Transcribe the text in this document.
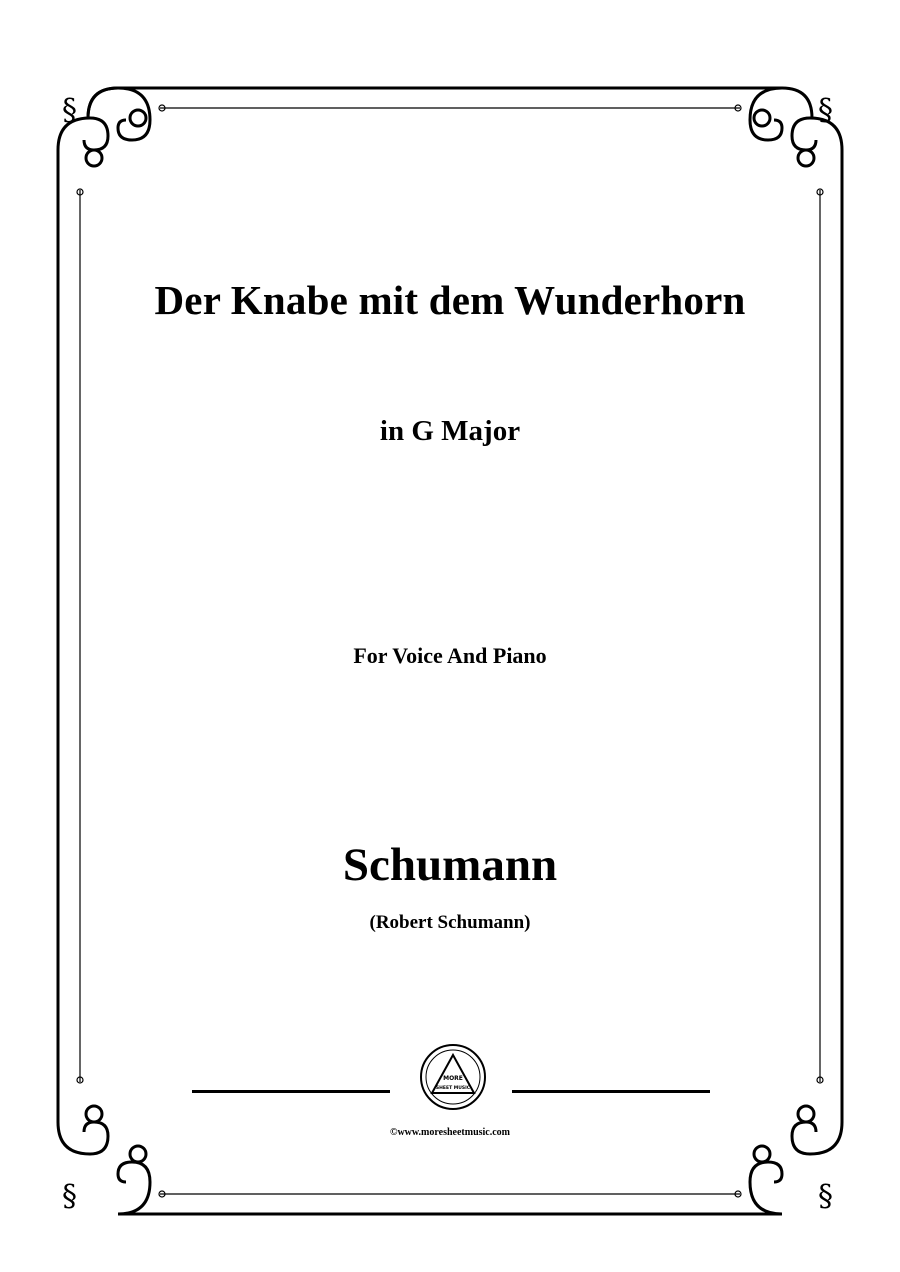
§	§
§	§
Der Knabe mit dem Wunderhorn
in G Major
For Voice And Piano
Schumann
(Robert Schumann)
MORE
SHEET MUSIC
©www.moresheetmusic.com
